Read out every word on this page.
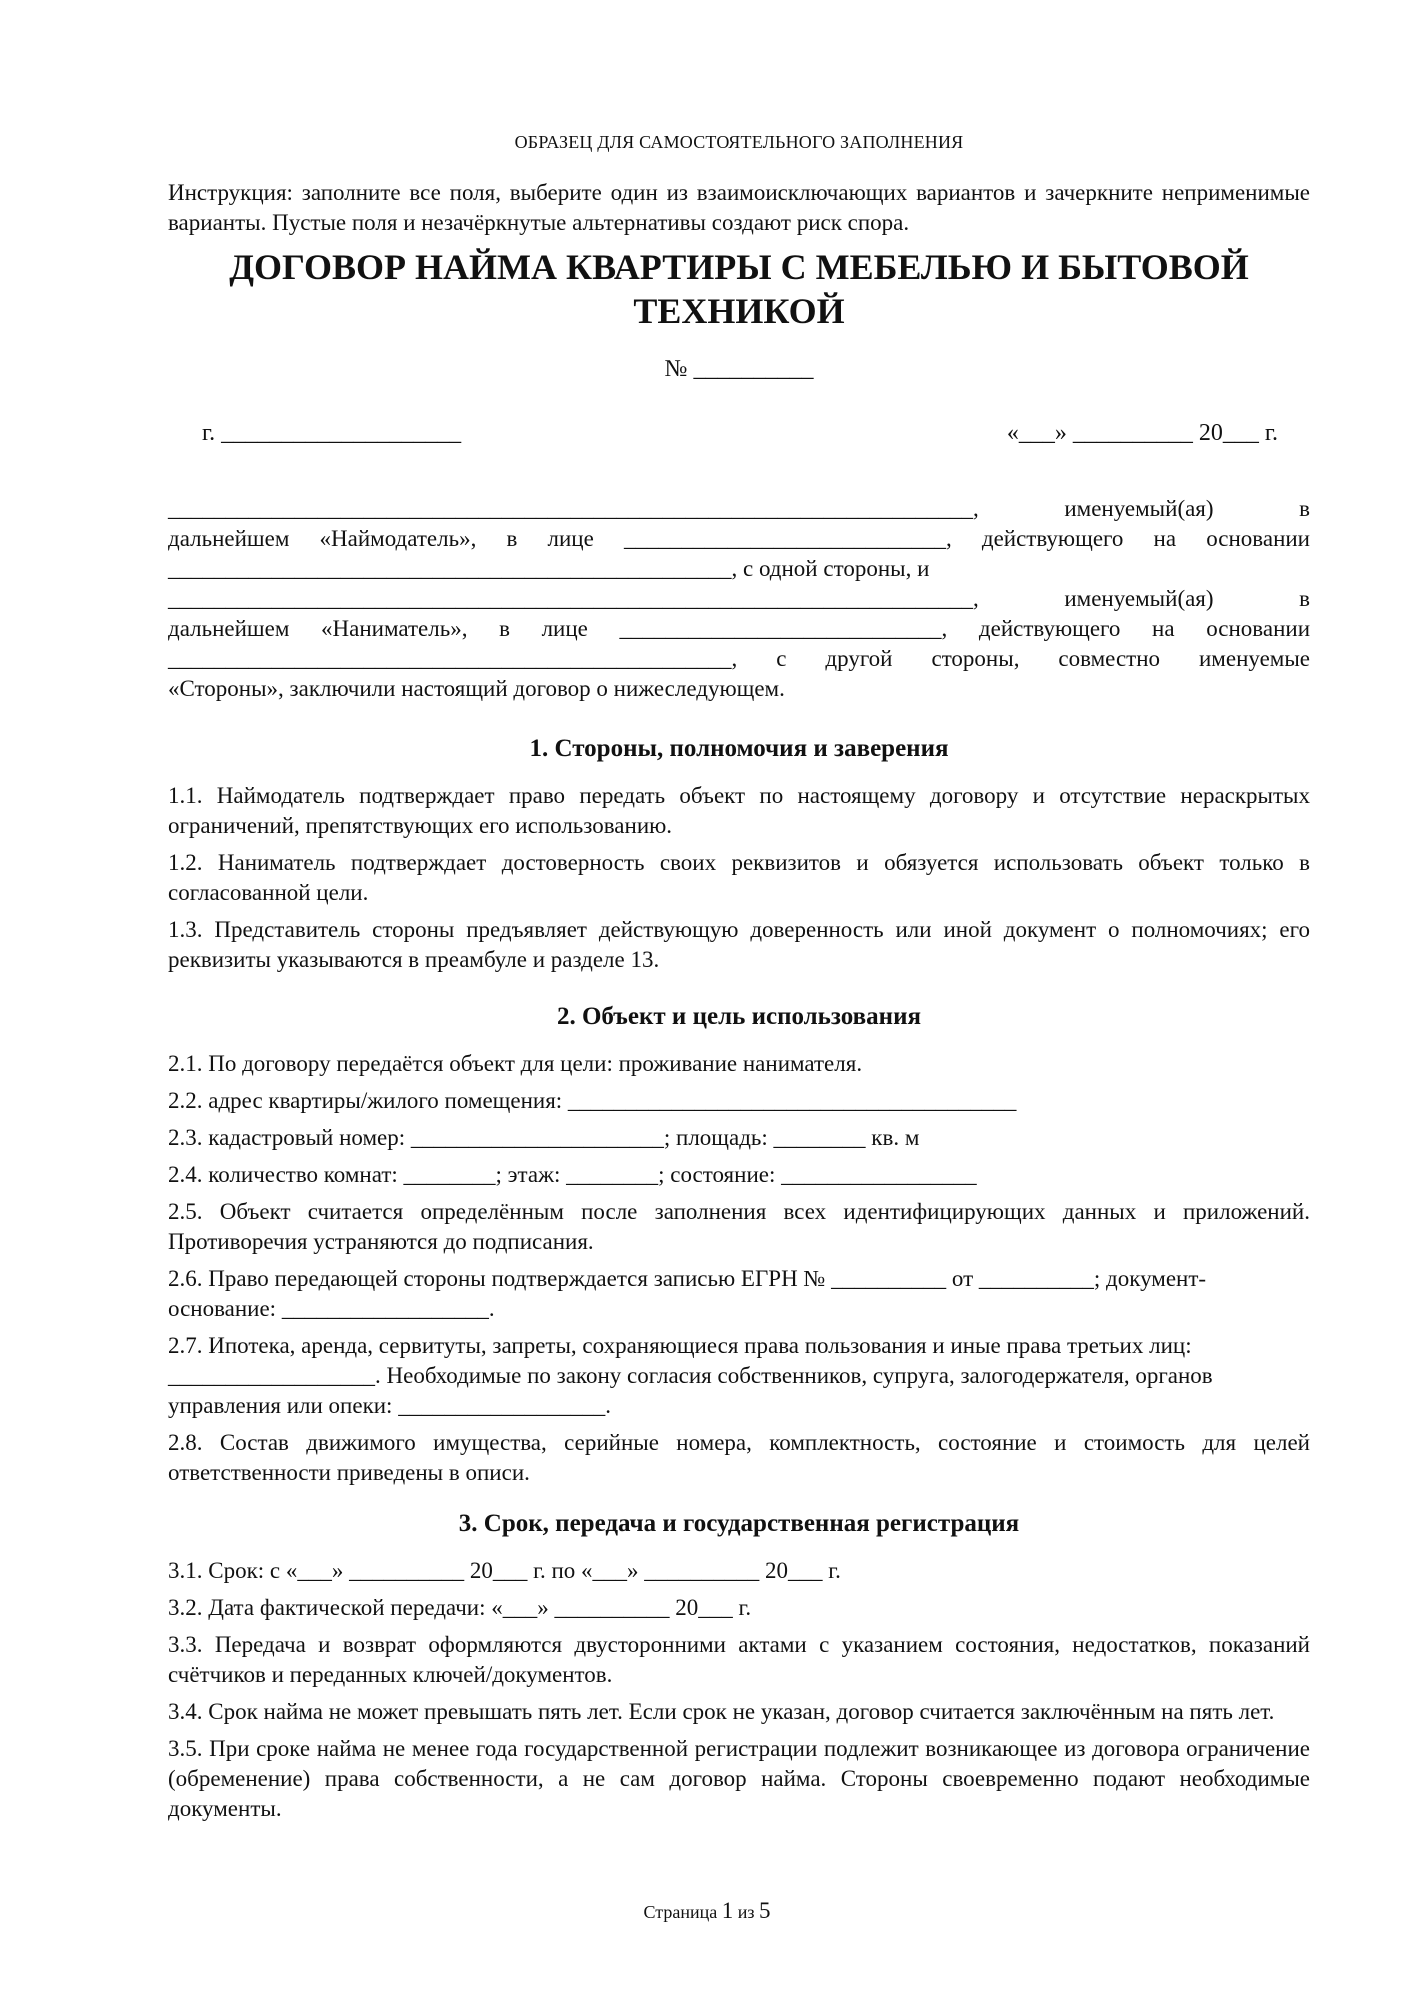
ОБРАЗЕЦ ДЛЯ САМОСТОЯТЕЛЬНОГО ЗАПОЛНЕНИЯ
Инструкция: заполните все поля, выберите один из взаимоисключающих вариантов и зачеркните неприменимые варианты. Пустые поля и незачёркнутые альтернативы создают риск спора.
ДОГОВОР НАЙМА КВАРТИРЫ С МЕБЕЛЬЮ И БЫТОВОЙ ТЕХНИКОЙ
№ __________
г. ____________________	«___» __________ 20___ г.
______________________________________________________________________, именуемый(ая) в
дальнейшем «Наймодатель», в лице ____________________________, действующего на основании
_________________________________________________, с одной стороны, и
______________________________________________________________________, именуемый(ая) в
дальнейшем «Наниматель», в лице ____________________________, действующего на основании
_________________________________________________, с другой стороны, совместно именуемые
«Стороны», заключили настоящий договор о нижеследующем.
1. Стороны, полномочия и заверения

1.1. Наймодатель подтверждает право передать объект по настоящему договору и отсутствие нераскрытых ограничений, препятствующих его использованию.

1.2. Наниматель подтверждает достоверность своих реквизитов и обязуется использовать объект только в согласованной цели.

1.3. Представитель стороны предъявляет действующую доверенность или иной документ о полномочиях; его реквизиты указываются в преамбуле и разделе 13.

2. Объект и цель использования

2.1. По договору передаётся объект для цели: проживание нанимателя.

2.2. адрес квартиры/жилого помещения: _______________________________________

2.3. кадастровый номер: ______________________; площадь: ________ кв. м

2.4. количество комнат: ________; этаж: ________; состояние: _________________

2.5. Объект считается определённым после заполнения всех идентифицирующих данных и приложений. Противоречия устраняются до подписания.

2.6. Право передающей стороны подтверждается записью ЕГРН № __________ от __________; документ-основание: __________________.

2.7. Ипотека, аренда, сервитуты, запреты, сохраняющиеся права пользования и иные права третьих лиц: __________________. Необходимые по закону согласия собственников, супруга, залогодержателя, органов управления или опеки: __________________.

2.8. Состав движимого имущества, серийные номера, комплектность, состояние и стоимость для целей ответственности приведены в описи.

3. Срок, передача и государственная регистрация

3.1. Срок: с «___» __________ 20___ г. по «___» __________ 20___ г.

3.2. Дата фактической передачи: «___» __________ 20___ г.

3.3. Передача и возврат оформляются двусторонними актами с указанием состояния, недостатков, показаний счётчиков и переданных ключей/документов.

3.4. Срок найма не может превышать пять лет. Если срок не указан, договор считается заключённым на пять лет.

3.5. При сроке найма не менее года государственной регистрации подлежит возникающее из договора ограничение (обременение) права собственности, а не сам договор найма. Стороны своевременно подают необходимые документы.

Страница 1 из 5
